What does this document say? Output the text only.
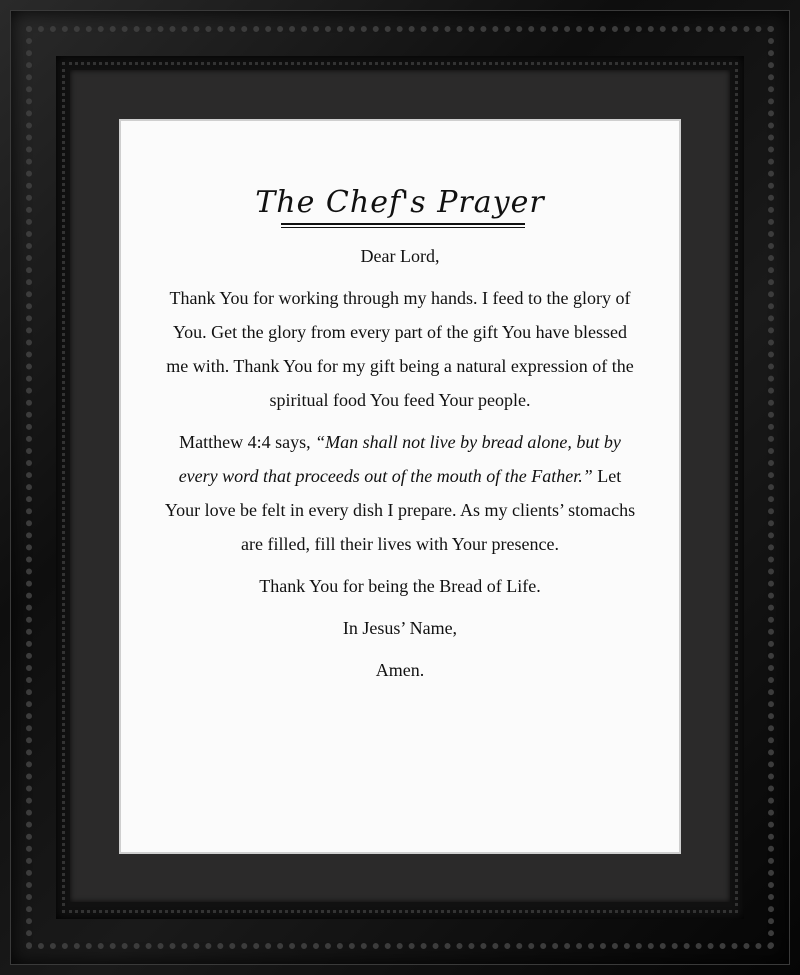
The Chef's Prayer

Dear Lord,

Thank You for working through my hands. I feed to the glory of You. Get the glory from every part of the gift You have blessed me with. Thank You for my gift being a natural expression of the spiritual food You feed Your people.

Matthew 4:4 says, “Man shall not live by bread alone, but by every word that proceeds out of the mouth of the Father.” Let Your love be felt in every dish I prepare. As my clients’ stomachs are filled, fill their lives with Your presence.

Thank You for being the Bread of Life.

In Jesus’ Name,

Amen.
